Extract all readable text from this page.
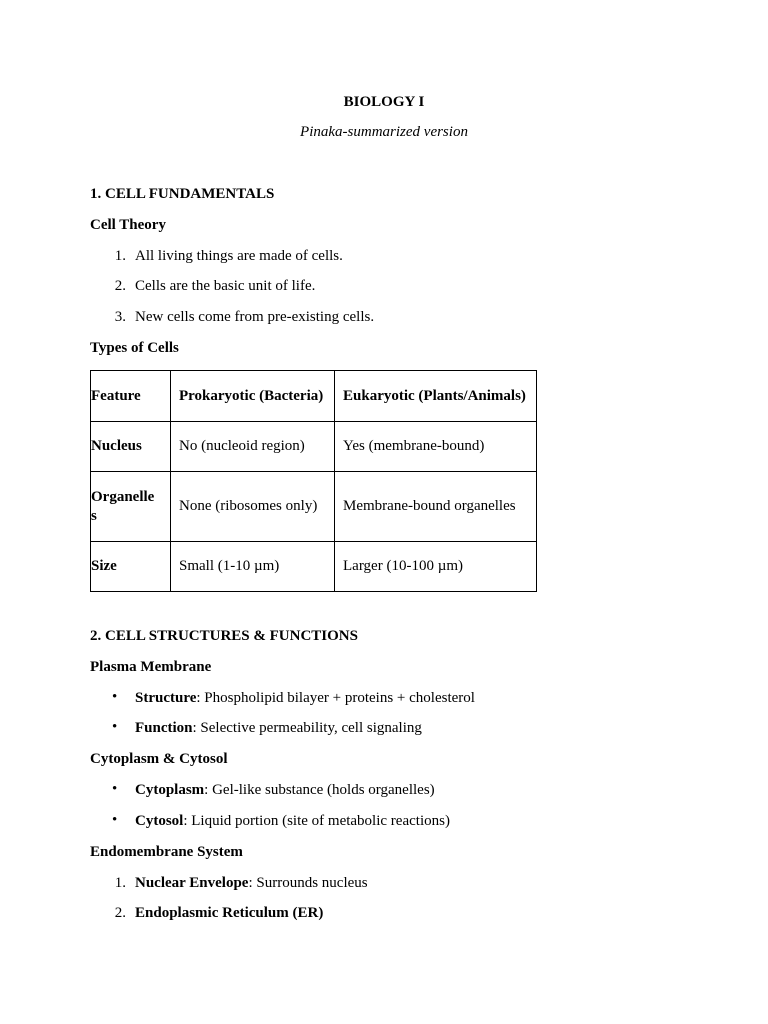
BIOLOGY I
Pinaka-summarized version
1. CELL FUNDAMENTALS
Cell Theory
1. All living things are made of cells.
2. Cells are the basic unit of life.
3. New cells come from pre-existing cells.
Types of Cells
Feature	Prokaryotic (Bacteria)	Eukaryotic (Plants/Animals)

Nucleus	No (nucleoid region)	Yes (membrane-bound)

Organelle
s	None (ribosomes only)	Membrane-bound organelles

Size	Small (1-10 µm)	Larger (10-100 µm)
2. CELL STRUCTURES & FUNCTIONS
Plasma Membrane
• Structure: Phospholipid bilayer + proteins + cholesterol
• Function: Selective permeability, cell signaling
Cytoplasm & Cytosol
• Cytoplasm: Gel-like substance (holds organelles)
• Cytosol: Liquid portion (site of metabolic reactions)
Endomembrane System
1. Nuclear Envelope: Surrounds nucleus
2. Endoplasmic Reticulum (ER)
